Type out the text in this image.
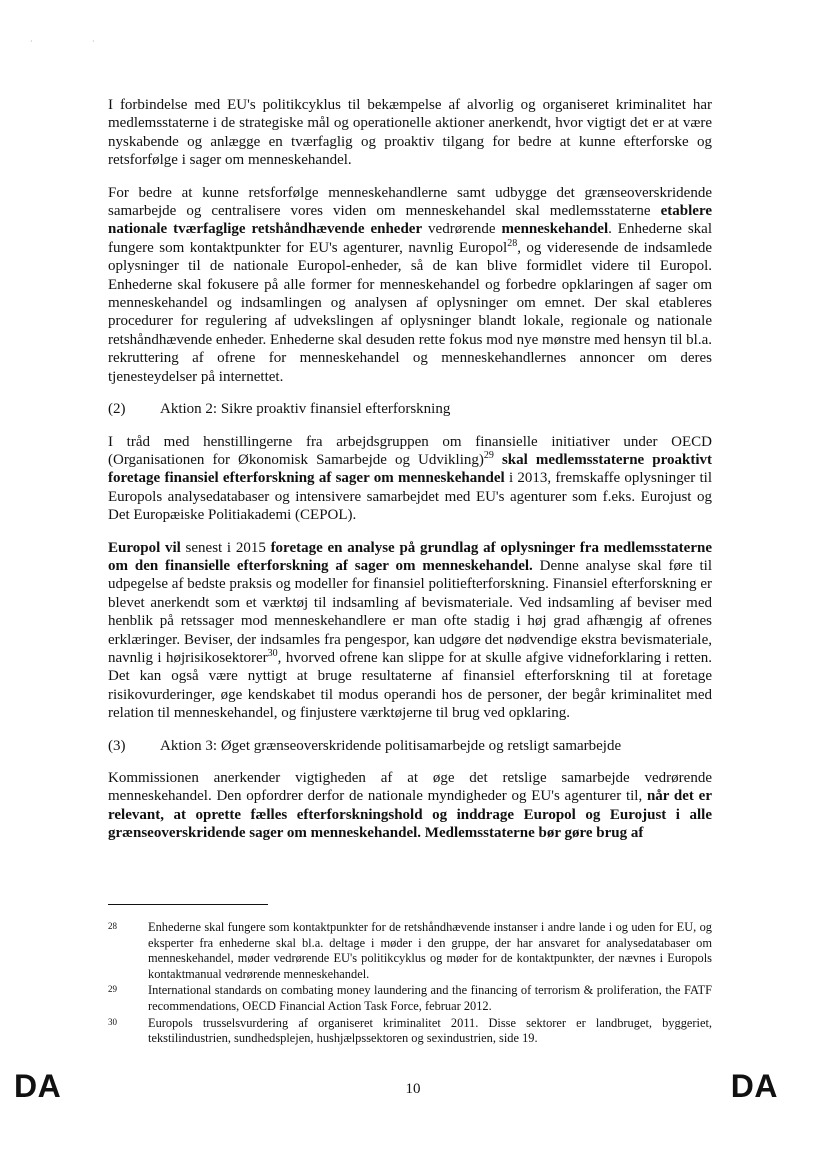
·	·

I forbindelse med EU's politikcyklus til bekæmpelse af alvorlig og organiseret kriminalitet har medlemsstaterne i de strategiske mål og operationelle aktioner anerkendt, hvor vigtigt det er at være nyskabende og anlægge en tværfaglig og proaktiv tilgang for bedre at kunne efterforske og retsforfølge i sager om menneskehandel.

For bedre at kunne retsforfølge menneskehandlerne samt udbygge det grænseoverskridende samarbejde og centralisere vores viden om menneskehandel skal medlemsstaterne etablere nationale tværfaglige retshåndhævende enheder vedrørende menneskehandel. Enhederne skal fungere som kontaktpunkter for EU's agenturer, navnlig Europol$^{28}$, og videresende de indsamlede oplysninger til de nationale Europol-enheder, så de kan blive formidlet videre til Europol. Enhederne skal fokusere på alle former for menneskehandel og forbedre opklaringen af sager om menneskehandel og indsamlingen og analysen af oplysninger om emnet. Der skal etableres procedurer for regulering af udvekslingen af oplysninger blandt lokale, regionale og nationale retshåndhævende enheder. Enhederne skal desuden rette fokus mod nye mønstre med hensyn til bl.a. rekruttering af ofrene for menneskehandel og menneskehandlernes annoncer om deres tjenesteydelser på internettet.

(2)	Aktion 2: Sikre proaktiv finansiel efterforskning

I tråd med henstillingerne fra arbejdsgruppen om finansielle initiativer under OECD (Organisationen for Økonomisk Samarbejde og Udvikling)$^{29}$ skal medlemsstaterne proaktivt foretage finansiel efterforskning af sager om menneskehandel i 2013, fremskaffe oplysninger til Europols analysedatabaser og intensivere samarbejdet med EU's agenturer som f.eks. Eurojust og Det Europæiske Politiakademi (CEPOL).

Europol vil senest i 2015 foretage en analyse på grundlag af oplysninger fra medlemsstaterne om den finansielle efterforskning af sager om menneskehandel. Denne analyse skal føre til udpegelse af bedste praksis og modeller for finansiel politiefterforskning. Finansiel efterforskning er blevet anerkendt som et værktøj til indsamling af bevismateriale. Ved indsamling af beviser med henblik på retssager mod menneskehandlere er man ofte stadig i høj grad afhængig af ofrenes erklæringer. Beviser, der indsamles fra pengespor, kan udgøre det nødvendige ekstra bevismateriale, navnlig i højrisikosektorer$^{30}$, hvorved ofrene kan slippe for at skulle afgive vidneforklaring i retten. Det kan også være nyttigt at bruge resultaterne af finansiel efterforskning til at foretage risikovurderinger, øge kendskabet til modus operandi hos de personer, der begår kriminalitet med relation til menneskehandel, og finjustere værktøjerne til brug ved opklaring.

(3)	Aktion 3: Øget grænseoverskridende politisamarbejde og retsligt samarbejde

Kommissionen anerkender vigtigheden af at øge det retslige samarbejde vedrørende menneskehandel. Den opfordrer derfor de nationale myndigheder og EU's agenturer til, når det er relevant, at oprette fælles efterforskningshold og inddrage Europol og Eurojust i alle grænseoverskridende sager om menneskehandel. Medlemsstaterne bør gøre brug af

28	Enhederne skal fungere som kontaktpunkter for de retshåndhævende instanser i andre lande i og uden for EU, og eksperter fra enhederne skal bl.a. deltage i møder i den gruppe, der har ansvaret for analysedatabaser om menneskehandel, møder vedrørende EU's politikcyklus og møder for de kontaktpunkter, der nævnes i Europols kontaktmanual vedrørende menneskehandel.
29	International standards on combating money laundering and the financing of terrorism & proliferation, the FATF recommendations, OECD Financial Action Task Force, februar 2012.
30	Europols trusselsvurdering af organiseret kriminalitet 2011. Disse sektorer er landbruget, byggeriet, tekstilindustrien, sundhedsplejen, hushjælpssektoren og sexindustrien, side 19.
DA	10	DA
